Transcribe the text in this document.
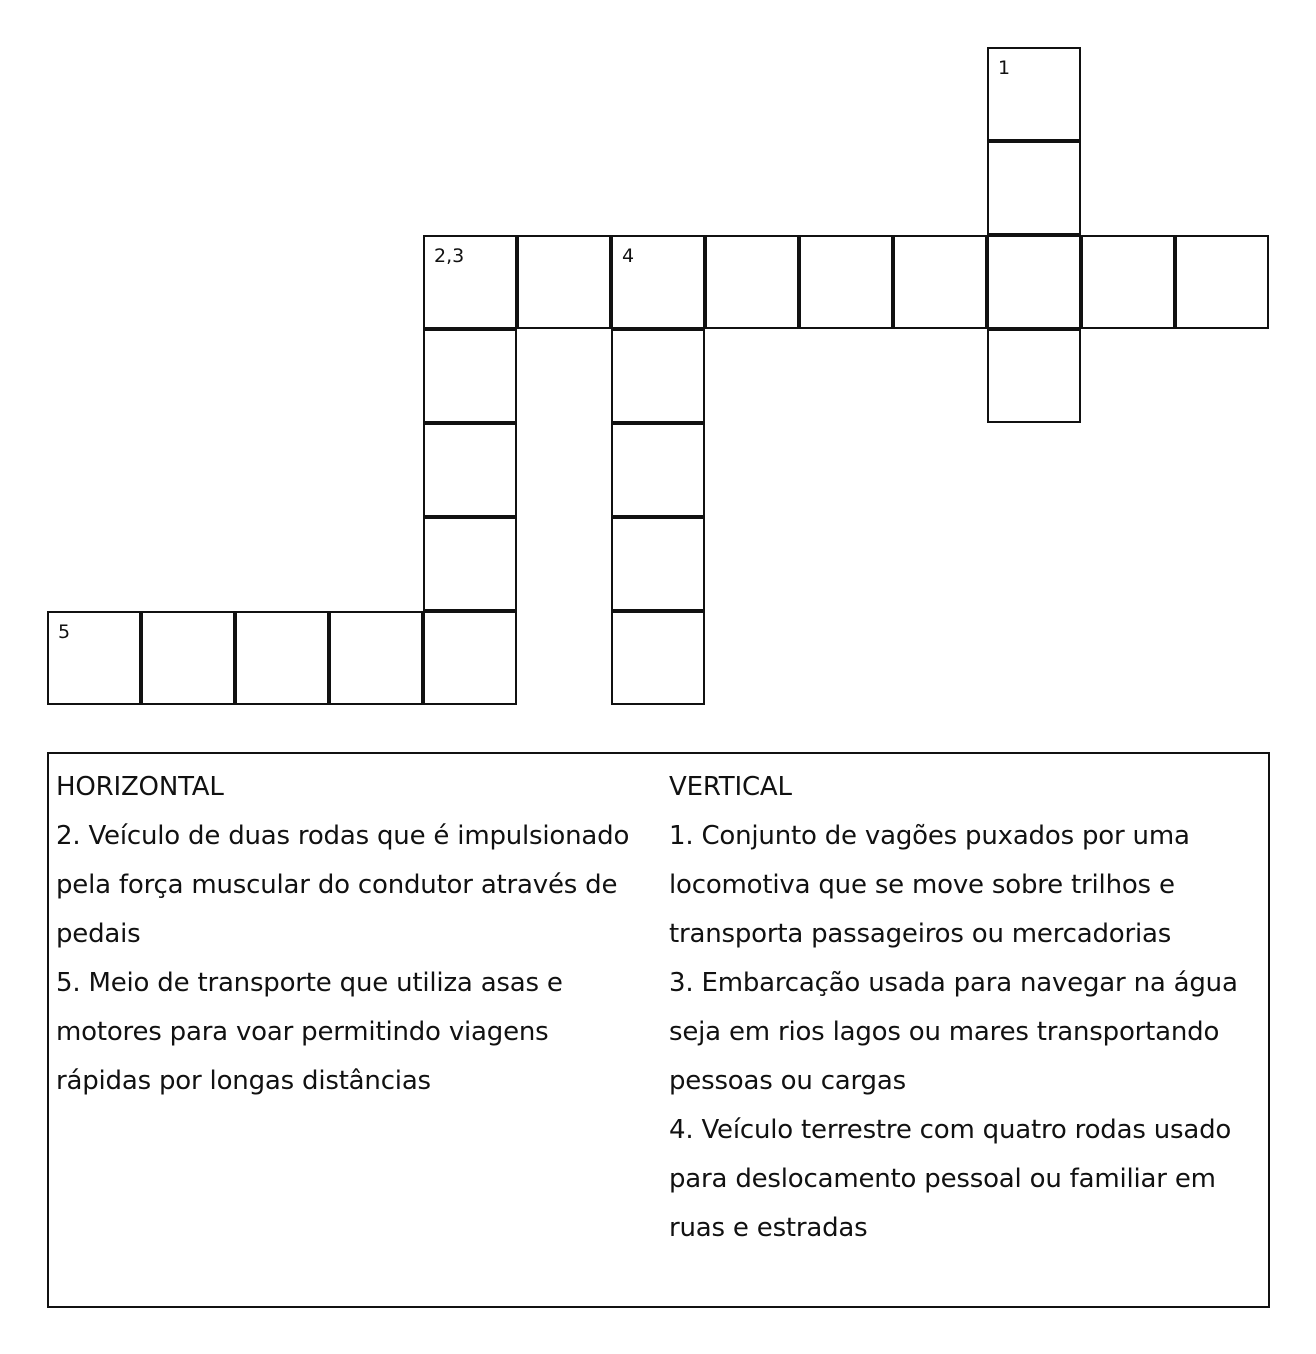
1
2,3	4
5
HORIZONTAL
2. Veículo de duas rodas que é impulsionado
pela força muscular do condutor através de
pedais
5. Meio de transporte que utiliza asas e
motores para voar permitindo viagens
rápidas por longas distâncias
VERTICAL
1. Conjunto de vagões puxados por uma
locomotiva que se move sobre trilhos e
transporta passageiros ou mercadorias
3. Embarcação usada para navegar na água
seja em rios lagos ou mares transportando
pessoas ou cargas
4. Veículo terrestre com quatro rodas usado
para deslocamento pessoal ou familiar em
ruas e estradas
